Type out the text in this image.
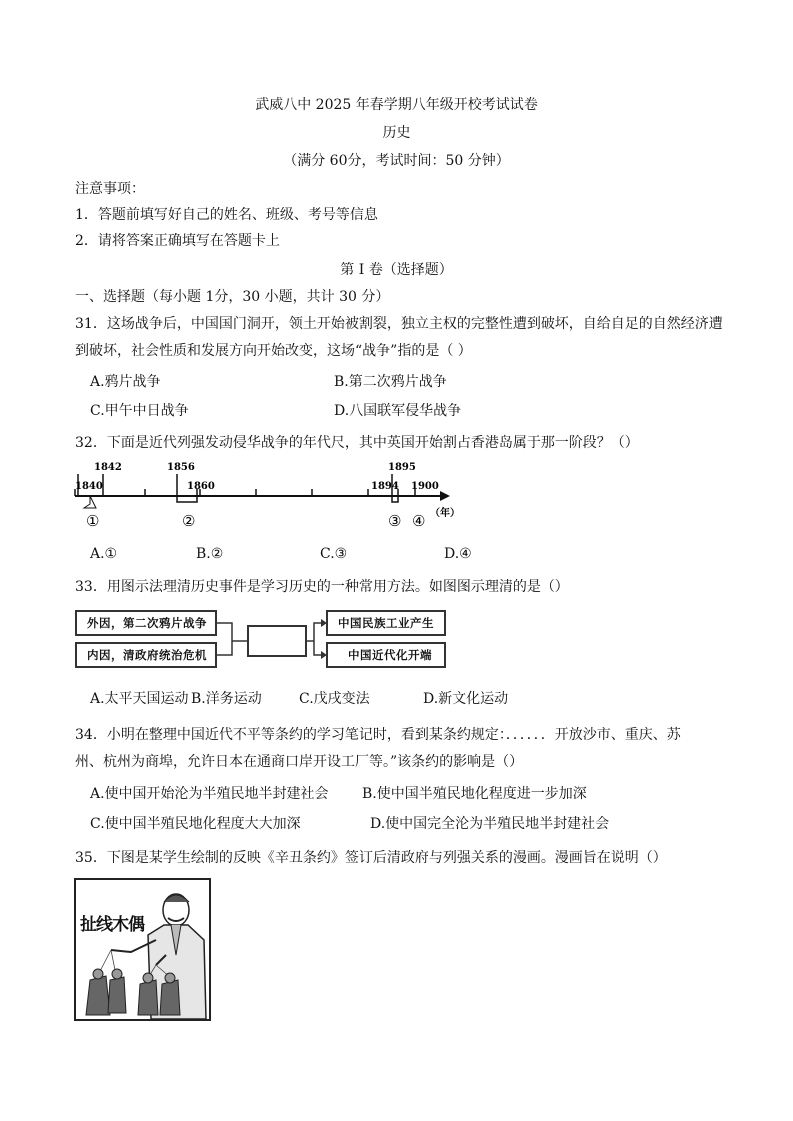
武威八中 2025 年春学期八年级开校考试试卷
历史
（满分 60分，考试时间：50 分钟）
注意事项：
1．答题前填写好自己的姓名、班级、考号等信息
2．请将答案正确填写在答题卡上
第 I 卷（选择题）
一、选择题（每小题 1分，30 小题，共计 30 分）
31．这场战争后，中国国门洞开，领土开始被割裂，独立主权的完整性遭到破坏，自给自足的自然经济遭
到破坏，社会性质和发展方向开始改变，这场“战争”指的是（ ）
A.鸦片战争	B.第二次鸦片战争
C.甲午中日战争	D.八国联军侵华战争
32．下面是近代列强发动侵华战争的年代尺，其中英国开始割占香港岛属于那一阶段？（）
1842	1856
1840	1860	1894
1895
1900
①	②	③ ④ （年）
A.①	B.②	C.③	D.④
33．用图示法理清历史事件是学习历史的一种常用方法。如图图示理清的是（）
外因，第二次鸦片战争
内因，清政府统治危机
中国民族工业产生
中国近代化开端
A.太平天国运动 B.洋务运动	C.戊戌变法	D.新文化运动
34．小明在整理中国近代不平等条约的学习笔记时，看到某条约规定：．．．．．．开放沙市、重庆、苏
州、杭州为商埠，允许日本在通商口岸开设工厂等。”该条约的影响是（）
A.使中国开始沦为半殖民地半封建社会 B.使中国半殖民地化程度进一步加深
C.使中国半殖民地化程度大大加深	D.使中国完全沦为半殖民地半封建社会
35．下图是某学生绘制的反映《辛丑条约》签订后清政府与列强关系的漫画。漫画旨在说明（）
扯线木偶
